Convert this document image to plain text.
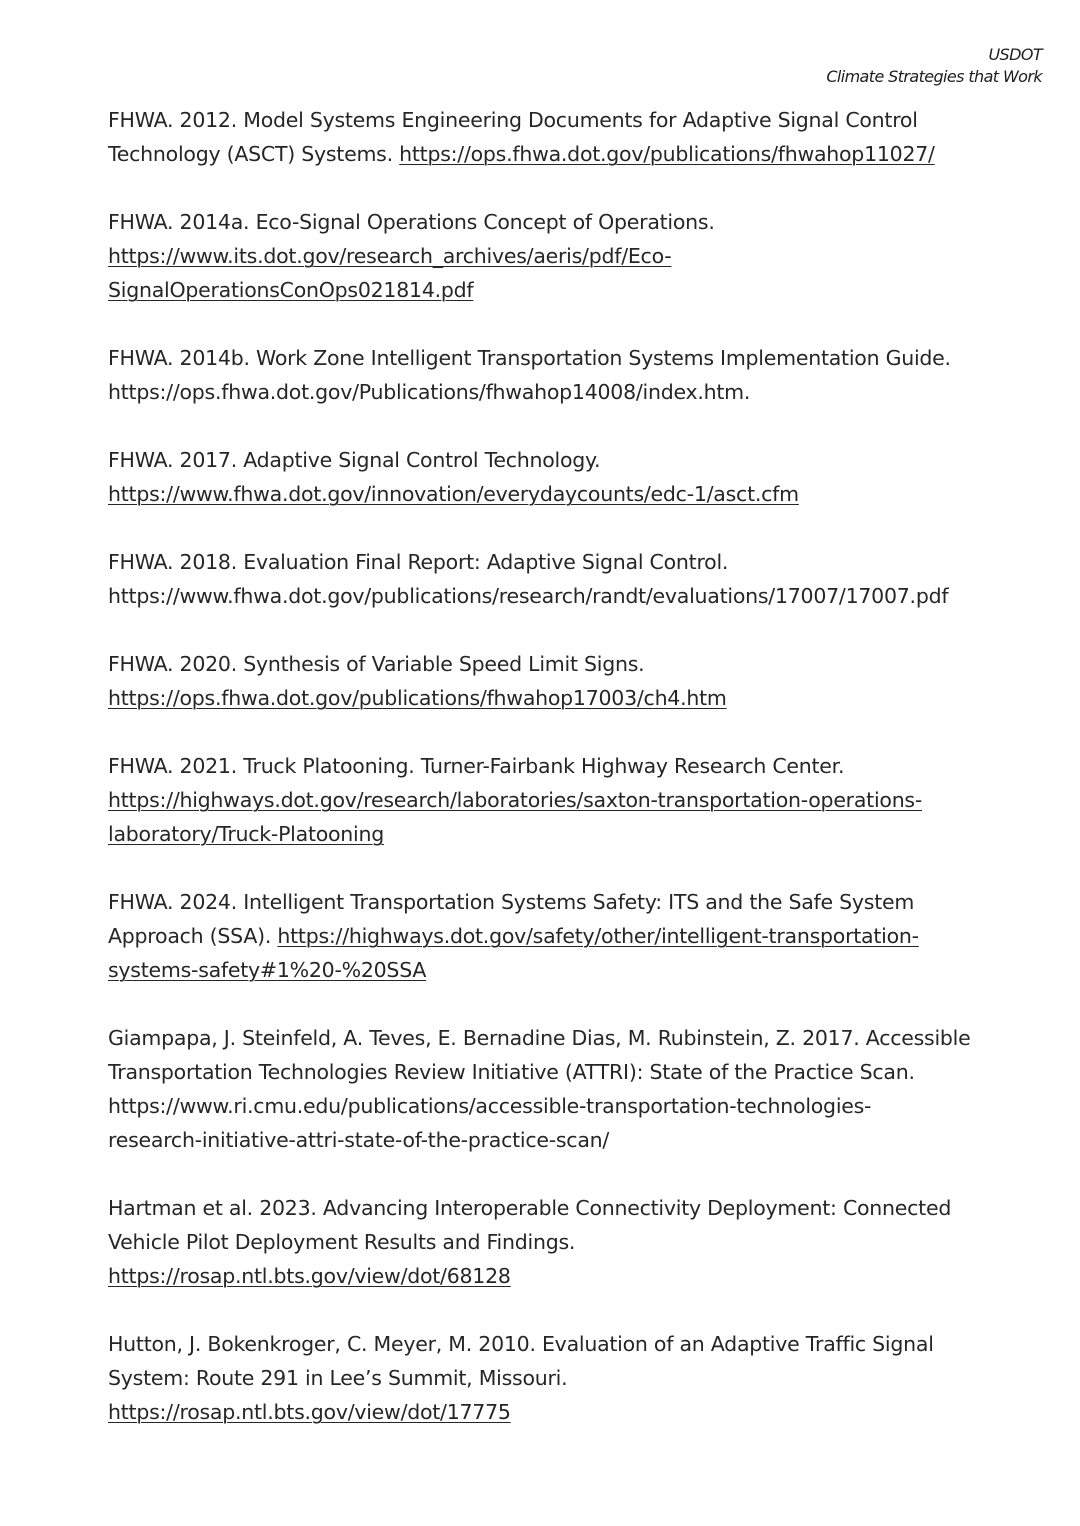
USDOT
Climate Strategies that Work

FHWA. 2012. Model Systems Engineering Documents for Adaptive Signal Control
Technology (ASCT) Systems. https://ops.fhwa.dot.gov/publications/fhwahop11027/

FHWA. 2014a. Eco-Signal Operations Concept of Operations.
https://www.its.dot.gov/research_archives/aeris/pdf/Eco-
SignalOperationsConOps021814.pdf

FHWA. 2014b. Work Zone Intelligent Transportation Systems Implementation Guide.
https://ops.fhwa.dot.gov/Publications/fhwahop14008/index.htm.

FHWA. 2017. Adaptive Signal Control Technology.
https://www.fhwa.dot.gov/innovation/everydaycounts/edc-1/asct.cfm

FHWA. 2018. Evaluation Final Report: Adaptive Signal Control.
https://www.fhwa.dot.gov/publications/research/randt/evaluations/17007/17007.pdf

FHWA. 2020. Synthesis of Variable Speed Limit Signs.
https://ops.fhwa.dot.gov/publications/fhwahop17003/ch4.htm

FHWA. 2021. Truck Platooning. Turner-Fairbank Highway Research Center.
https://highways.dot.gov/research/laboratories/saxton-transportation-operations-
laboratory/Truck-Platooning

FHWA. 2024. Intelligent Transportation Systems Safety: ITS and the Safe System
Approach (SSA). https://highways.dot.gov/safety/other/intelligent-transportation-
systems-safety#1%20-%20SSA

Giampapa, J. Steinfeld, A. Teves, E. Bernadine Dias, M. Rubinstein, Z. 2017. Accessible
Transportation Technologies Review Initiative (ATTRI): State of the Practice Scan.
https://www.ri.cmu.edu/publications/accessible-transportation-technologies-
research-initiative-attri-state-of-the-practice-scan/

Hartman et al. 2023. Advancing Interoperable Connectivity Deployment: Connected
Vehicle Pilot Deployment Results and Findings.
https://rosap.ntl.bts.gov/view/dot/68128

Hutton, J. Bokenkroger, C. Meyer, M. 2010. Evaluation of an Adaptive Traffic Signal
System: Route 291 in Lee’s Summit, Missouri.
https://rosap.ntl.bts.gov/view/dot/17775
